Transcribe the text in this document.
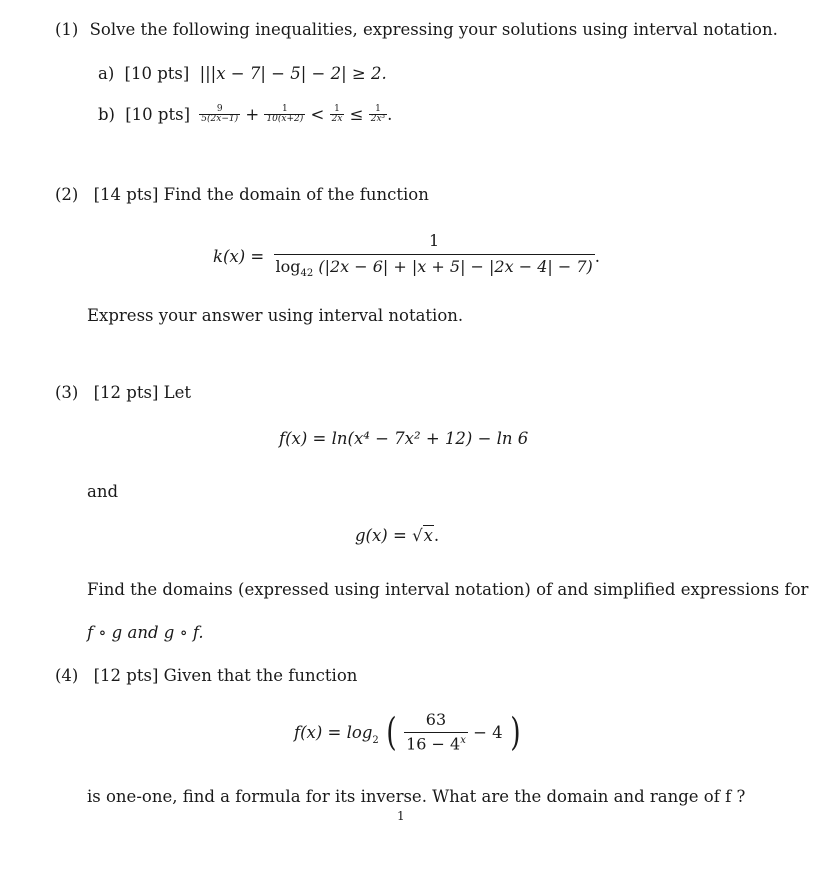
(1) Solve the following inequalities, expressing your solutions using interval notation.
a) [10 pts] |||x − 7| − 5| − 2| ≥ 2.
b) [10 $pts] \frac{9}{5(2x-1)} + \frac{1}{10(x+2)} < \frac{1}{2x} \le \frac{1}{\text{2x³}}$ .
(2) [14 pts] Find the domain of the function
$k(x) = \frac{1}{\log_{42} (|2x - 6| + |x + 5| - |2x - 4| - 7)}$ .
Express your answer using interval notation.
(3) [12 pts] Let
f(x) = ln(x⁴ − 7x² + 12) − ln 6
and
g(x) = √x.
Find the domains (expressed using interval notation) of and simplified expressions for
f ∘ g and g ∘ f.
(4) [12 pts] Given that the function
$f(x) = \log_2$ ( $\frac{63}{16 - 4^x} - 4$ )
is one-one, find a formula for its inverse. What are the domain and range of f ?
1
